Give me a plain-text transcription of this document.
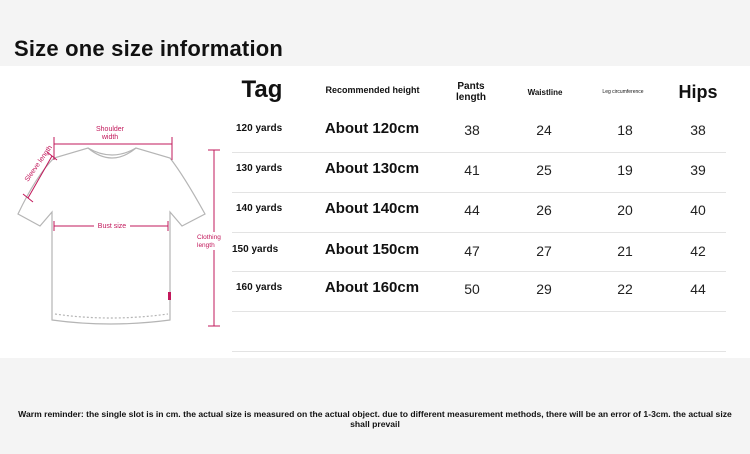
Size one size information
Shoulder
width
Sleeve length
Bust size
Clothing
length
Tag	Recommended height	Pants length	Waistline	Leg circumference	Hips
120 yards	About 120cm	38	24	18	38
130 yards	About 130cm	41	25	19	39
140 yards	About 140cm	44	26	20	40
150 yards	About 150cm	47	27	21	42
160 yards	About 160cm	50	29	22	44
Warm reminder: the single slot is in cm. the actual size is measured on the actual object. due to different measurement methods, there will be an error of 1-3cm. the actual size shall prevail
